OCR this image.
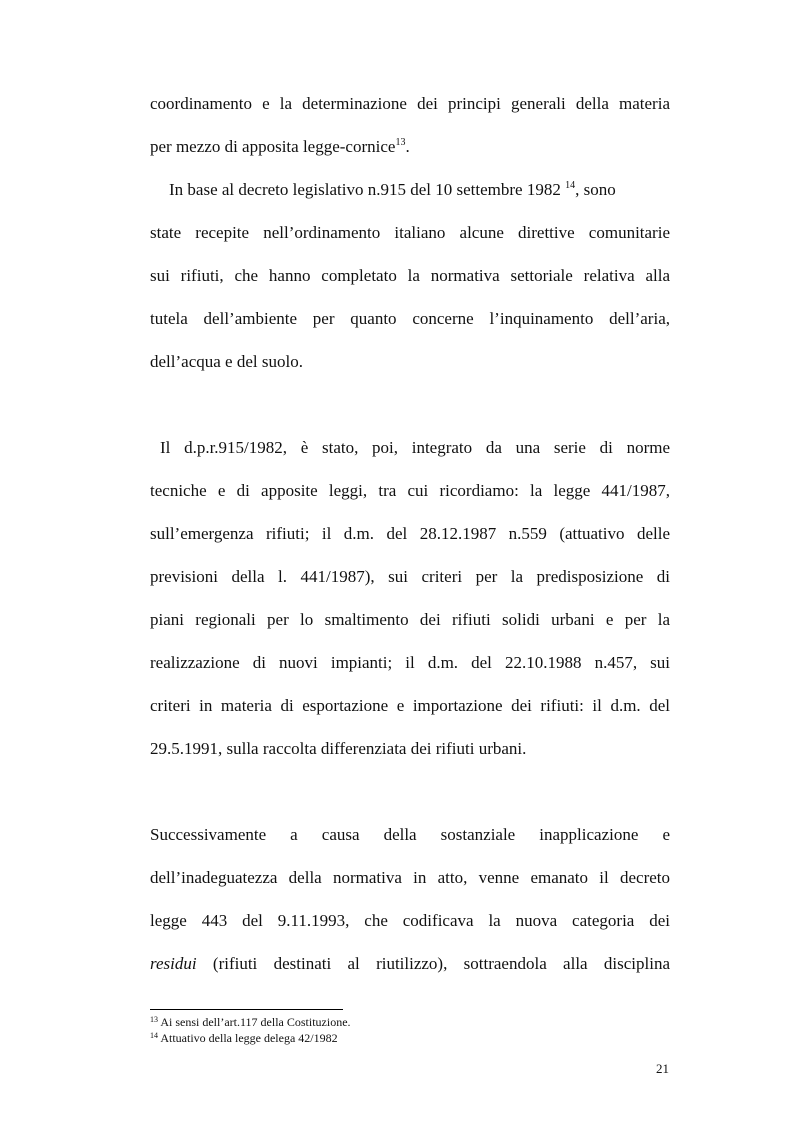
coordinamento e la determinazione dei principi generali della materia
per mezzo di apposita legge-cornice$^{13}$.
In base al decreto legislativo n.915 del 10 settembre 1982 $^{14}$, sono
state recepite nell’ordinamento italiano alcune direttive comunitarie
sui rifiuti, che hanno completato la normativa settoriale relativa alla
tutela dell’ambiente per quanto concerne l’inquinamento dell’aria,
dell’acqua e del suolo.
Il d.p.r.915/1982, è stato, poi, integrato da una serie di norme
tecniche e di apposite leggi, tra cui ricordiamo: la legge 441/1987,
sull’emergenza rifiuti; il d.m. del 28.12.1987 n.559 (attuativo delle
previsioni della l. 441/1987), sui criteri per la predisposizione di
piani regionali per lo smaltimento dei rifiuti solidi urbani e per la
realizzazione di nuovi impianti; il d.m. del 22.10.1988 n.457, sui
criteri in materia di esportazione e importazione dei rifiuti: il d.m. del
29.5.1991, sulla raccolta differenziata dei rifiuti urbani.
Successivamente a causa della sostanziale inapplicazione e
dell’inadeguatezza della normativa in atto, venne emanato il decreto
legge 443 del 9.11.1993, che codificava la nuova categoria dei
residui (rifiuti destinati al riutilizzo), sottraendola alla disciplina
$^{13}$ Ai sensi dell’art.117 della Costituzione.
$^{14}$ Attuativo della legge delega 42/1982
21
